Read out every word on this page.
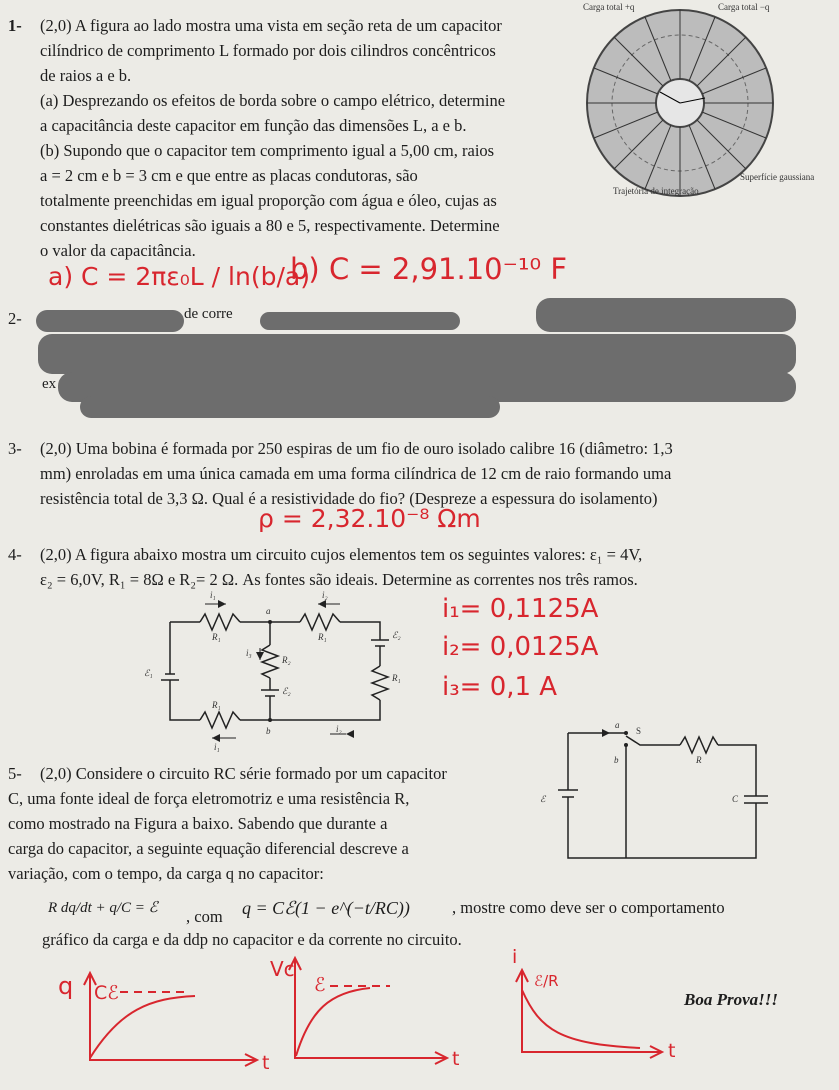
1- (2,0) A figura ao lado mostra uma vista em seção reta de um capacitor
cilíndrico de comprimento L formado por dois cilindros concêntricos
de raios a e b.
(a) Desprezando os efeitos de borda sobre o campo elétrico, determine
a capacitância deste capacitor em função das dimensões L, a e b.
(b) Supondo que o capacitor tem comprimento igual a 5,00 cm, raios
a = 2 cm e b = 3 cm e que entre as placas condutoras, são
totalmente preenchidas em igual proporção com água e óleo, cujas as
constantes dielétricas são iguais a 80 e 5, respectivamente. Determine
o valor da capacitância.
Carga total +q	Carga total −q
Trajetória de integração
Superfície gaussiana
a) C = 2πε₀L / ln(b/a)
b) C = 2,91.10⁻¹⁰ F
2-	de corre
ex
3- (2,0) Uma bobina é formada por 250 espiras de um fio de ouro isolado calibre 16 (diâmetro: 1,3
mm) enroladas em uma única camada em uma forma cilíndrica de 12 cm de raio formando uma
resistência total de 3,3 Ω. Qual é a resistividade do fio? (Despreze a espessura do isolamento)
ρ = 2,32.10⁻⁸ Ωm
4- (2,0) A figura abaixo mostra um circuito cujos elementos tem os seguintes valores: ε₁ = 4V,
ε₂ = 6,0V, R₁ = 8Ω e R₂= 2 Ω. As fontes são ideais. Determine as correntes nos três ramos.
i₁	i₂
a
R₁	R₁
i₃
R₂
ℰ₂
R₁
ℰ₁
ℰ₂
R₁
b	i₂
i₁
i₁= 0,1125A
i₂= 0,0125A
i₃= 0,1 A
5- (2,0) Considere o circuito RC série formado por um capacitor
C, uma fonte ideal de força eletromotriz e uma resistência R,
como mostrado na Figura a baixo. Sabendo que durante a
carga do capacitor, a seguinte equação diferencial descreve a
variação, com o tempo, da carga q no capacitor:
R dq/dt + q/C = ℰ , com q = Cℰ(1 − e^(−t/RC))	, mostre como deve ser o comportamento
gráfico da carga e da ddp no capacitor e da corrente no circuito.
a
S
b	R
C
ℰ
q Cℰ
t
Vc
ℰ
t
i
ℰ/R
t
Boa Prova!!!
